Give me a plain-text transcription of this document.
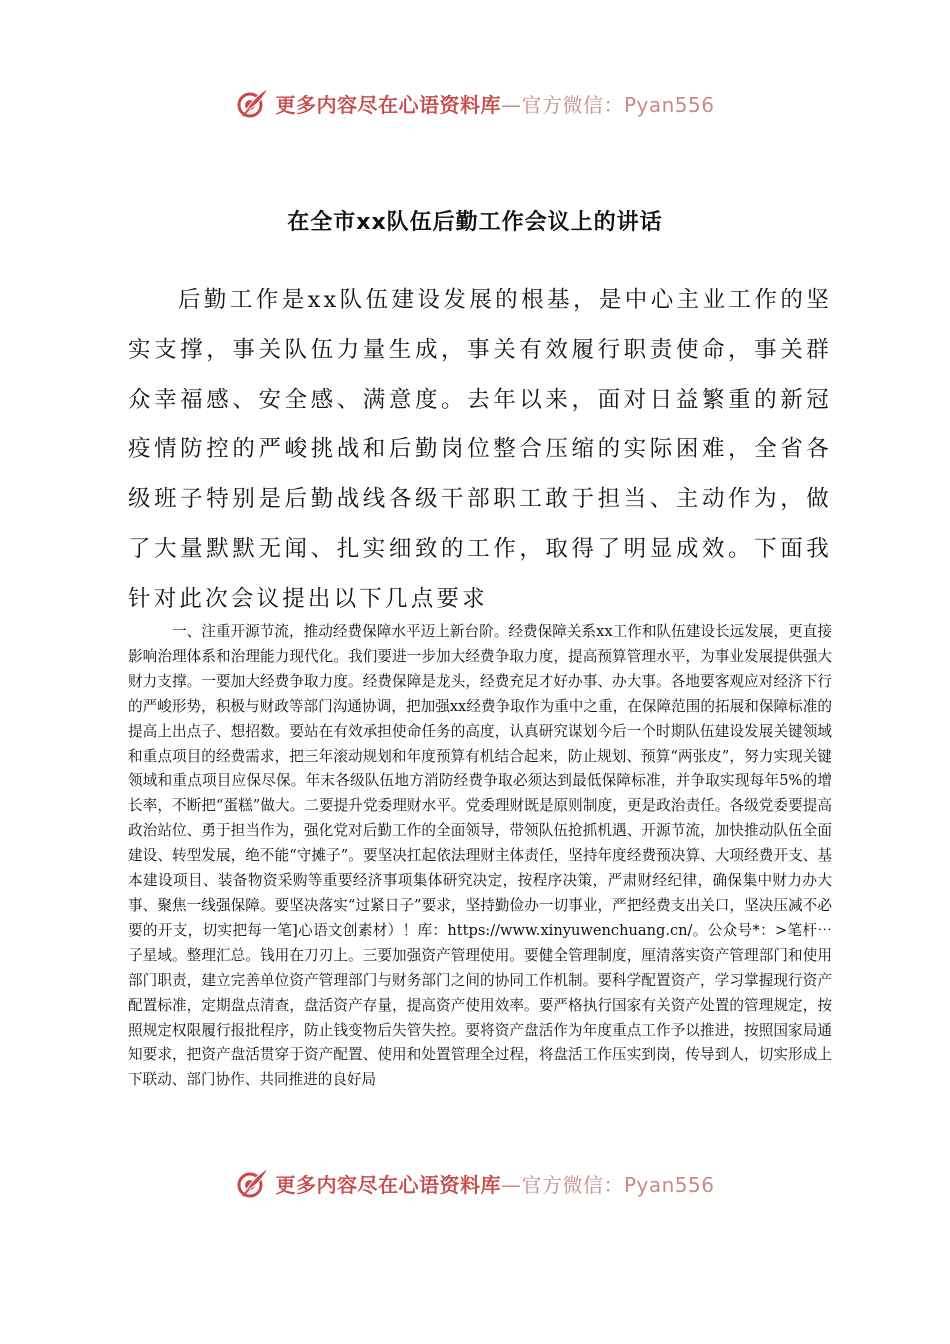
更多内容尽在心语资料库—官方微信：Pyan556
在全市xx队伍后勤工作会议上的讲话

后勤工作是xx队伍建设发展的根基，是中心主业工作的坚实支撑，事关队伍力量生成，事关有效履行职责使命，事关群众幸福感、安全感、满意度。去年以来，面对日益繁重的新冠疫情防控的严峻挑战和后勤岗位整合压缩的实际困难，全省各级班子特别是后勤战线各级干部职工敢于担当、主动作为，做了大量默默无闻、扎实细致的工作，取得了明显成效。下面我针对此次会议提出以下几点要求

一、注重开源节流，推动经费保障水平迈上新台阶。经费保障关系xx工作和队伍建设长远发展，更直接影响治理体系和治理能力现代化。我们要进一步加大经费争取力度，提高预算管理水平，为事业发展提供强大财力支撑。一要加大经费争取力度。经费保障是龙头，经费充足才好办事、办大事。各地要客观应对经济下行的严峻形势，积极与财政等部门沟通协调，把加强xx经费争取作为重中之重，在保障范围的拓展和保障标准的提高上出点子、想招数。要站在有效承担使命任务的高度，认真研究谋划今后一个时期队伍建设发展关键领域和重点项目的经费需求，把三年滚动规划和年度预算有机结合起来，防止规划、预算“两张皮”，努力实现关键领域和重点项目应保尽保。年末各级队伍地方消防经费争取必须达到最低保障标准，并争取实现每年5%的增长率，不断把“蛋糕”做大。二要提升党委理财水平。党委理财既是原则制度，更是政治责任。各级党委要提高政治站位、勇于担当作为，强化党对后勤工作的全面领导，带领队伍抢抓机遇、开源节流，加快推动队伍全面建设、转型发展，绝不能“守摊子”。要坚决扛起依法理财主体责任，坚持年度经费预决算、大项经费开支、基本建设项目、装备物资采购等重要经济事项集体研究决定，按程序决策，严肃财经纪律，确保集中财力办大事、聚焦一线强保障。要坚决落实“过紧日子”要求，坚持勤俭办一切事业，严把经费支出关口，坚决压减不必要的开支，切实把每一笔]心语文创素材）！库：https://www.xinyuwenchuang.cn/。公众号*：>笔杆⋯子星域。整理汇总。钱用在刀刃上。三要加强资产管理使用。要健全管理制度，厘清落实资产管理部门和使用部门职责，建立完善单位资产管理部门与财务部门之间的协同工作机制。要科学配置资产，学习掌握现行资产配置标准，定期盘点清查，盘活资产存量，提高资产使用效率。要严格执行国家有关资产处置的管理规定，按照规定权限履行报批程序，防止钱变物后失管失控。要将资产盘活作为年度重点工作予以推进，按照国家局通知要求，把资产盘活贯穿于资产配置、使用和处置管理全过程，将盘活工作压实到岗，传导到人，切实形成上下联动、部门协作、共同推进的良好局

更多内容尽在心语资料库—官方微信：Pyan556
